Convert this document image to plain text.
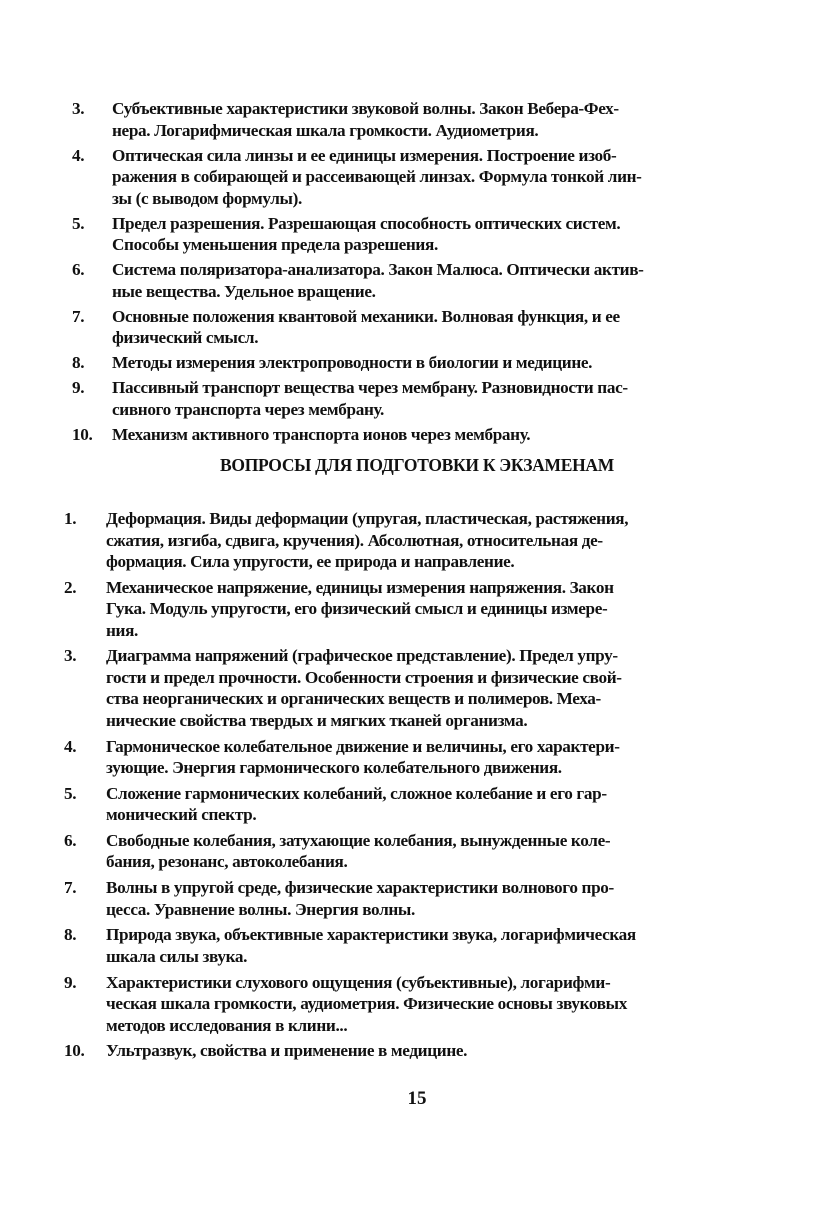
3.	Субъективные характеристики звуковой волны. Закон Вебера-Фех-
нера. Логарифмическая шкала громкости. Аудиометрия.
4.	Оптическая сила линзы и ее единицы измерения. Построение изоб-
ражения в собирающей и рассеивающей линзах. Формула тонкой лин-
зы (с выводом формулы).
5.	Предел разрешения. Разрешающая способность оптических систем.
Способы уменьшения предела разрешения.
6.	Система поляризатора-анализатора. Закон Малюса. Оптически актив-
ные вещества. Удельное вращение.
7.	Основные положения квантовой механики. Волновая функция, и ее
физический смысл.
8.	Методы измерения электропроводности в биологии и медицине.
9.	Пассивный транспорт вещества через мембрану. Разновидности пас-
сивного транспорта через мембрану.
10.	Механизм активного транспорта ионов через мембрану.
ВОПРОСЫ ДЛЯ ПОДГОТОВКИ К ЭКЗАМЕНАМ
1.	Деформация. Виды деформации (упругая, пластическая, растяжения,
сжатия, изгиба, сдвига, кручения). Абсолютная, относительная де-
формация. Сила упругости, ее природа и направление.
2.	Механическое напряжение, единицы измерения напряжения. Закон
Гука. Модуль упругости, его физический смысл и единицы измере-
ния.
3.	Диаграмма напряжений (графическое представление). Предел упру-
гости и предел прочности. Особенности строения и физические свой-
ства неорганических и органических веществ и полимеров. Меха-
нические свойства твердых и мягких тканей организма.
4.	Гармоническое колебательное движение и величины, его характери-
зующие. Энергия гармонического колебательного движения.
5.	Сложение гармонических колебаний, сложное колебание и его гар-
монический спектр.
6.	Свободные колебания, затухающие колебания, вынужденные коле-
бания, резонанс, автоколебания.
7.	Волны в упругой среде, физические характеристики волнового про-
цесса. Уравнение волны. Энергия волны.
8.	Природа звука, объективные характеристики звука, логарифмическая
шкала силы звука.
9.	Характеристики слухового ощущения (субъективные), логарифми-
ческая шкала громкости, аудиометрия. Физические основы звуковых
методов исследования в клини...
10.	Ультразвук, свойства и применение в медицине.
15
